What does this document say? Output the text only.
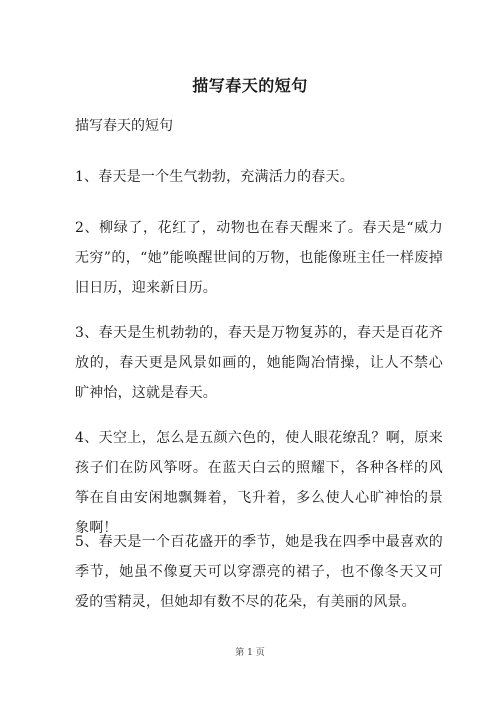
描写春天的短句
描写春天的短句
1、春天是一个生气勃勃，充满活力的春天。
2、柳绿了，花红了，动物也在春天醒来了。春天是“威力无穷”的，“她”能唤醒世间的万物，也能像班主任一样废掉旧日历，迎来新日历。
3、春天是生机勃勃的，春天是万物复苏的，春天是百花齐放的，春天更是风景如画的，她能陶冶情操，让人不禁心旷神怡，这就是春天。
4、天空上，怎么是五颜六色的，使人眼花缭乱？啊，原来孩子们在防风筝呀。在蓝天白云的照耀下，各种各样的风筝在自由安闲地飘舞着，飞升着，多么使人心旷神怡的景象啊！
5、春天是一个百花盛开的季节，她是我在四季中最喜欢的季节，她虽不像夏天可以穿漂亮的裙子，也不像冬天又可爱的雪精灵，但她却有数不尽的花朵，有美丽的风景。
第 1 页
